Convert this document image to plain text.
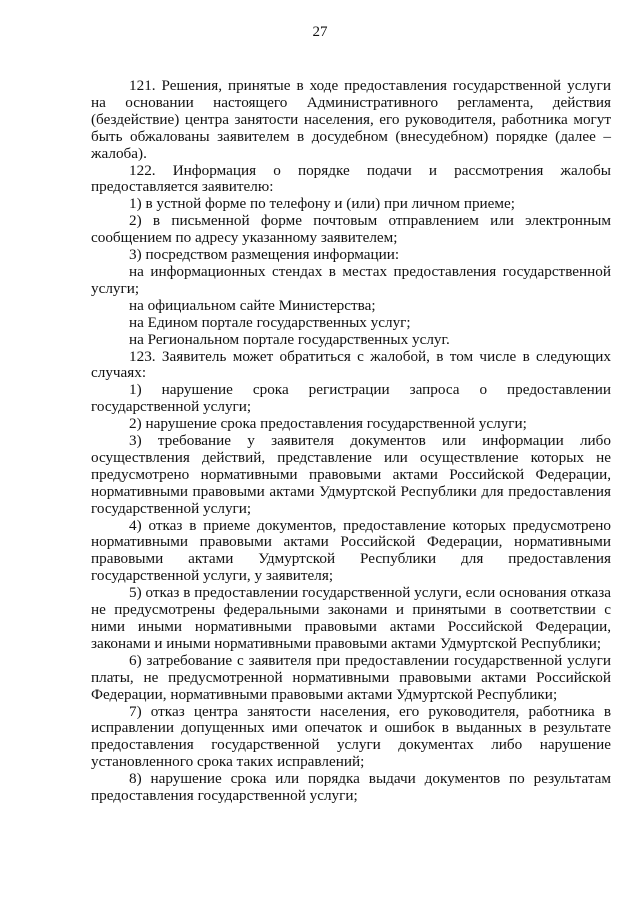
27

121. Решения, принятые в ходе предоставления государственной услуги на основании настоящего Административного регламента, действия (бездействие) центра занятости населения, его руководителя, работника могут быть обжалованы заявителем в досудебном (внесудебном) порядке (далее – жалоба).

122. Информация о порядке подачи и рассмотрения жалобы предоставляется заявителю:

1) в устной форме по телефону и (или) при личном приеме;

2) в письменной форме почтовым отправлением или электронным сообщением по адресу указанному заявителем;

3) посредством размещения информации:

на информационных стендах в местах предоставления государственной услуги;

на официальном сайте Министерства;

на Едином портале государственных услуг;

на Региональном портале государственных услуг.

123. Заявитель может обратиться с жалобой, в том числе в следующих случаях:

1) нарушение срока регистрации запроса о предоставлении государственной услуги;

2) нарушение срока предоставления государственной услуги;

3) требование у заявителя документов или информации либо осуществления действий, представление или осуществление которых не предусмотрено нормативными правовыми актами Российской Федерации, нормативными правовыми актами Удмуртской Республики для предоставления государственной услуги;

4) отказ в приеме документов, предоставление которых предусмотрено нормативными правовыми актами Российской Федерации, нормативными правовыми актами Удмуртской Республики для предоставления государственной услуги, у заявителя;

5) отказ в предоставлении государственной услуги, если основания отказа не предусмотрены федеральными законами и принятыми в соответствии с ними иными нормативными правовыми актами Российской Федерации, законами и иными нормативными правовыми актами Удмуртской Республики;

6) затребование с заявителя при предоставлении государственной услуги платы, не предусмотренной нормативными правовыми актами Российской Федерации, нормативными правовыми актами Удмуртской Республики;

7) отказ центра занятости населения, его руководителя, работника в исправлении допущенных ими опечаток и ошибок в выданных в результате предоставления государственной услуги документах либо нарушение установленного срока таких исправлений;

8) нарушение срока или порядка выдачи документов по результатам предоставления государственной услуги;
